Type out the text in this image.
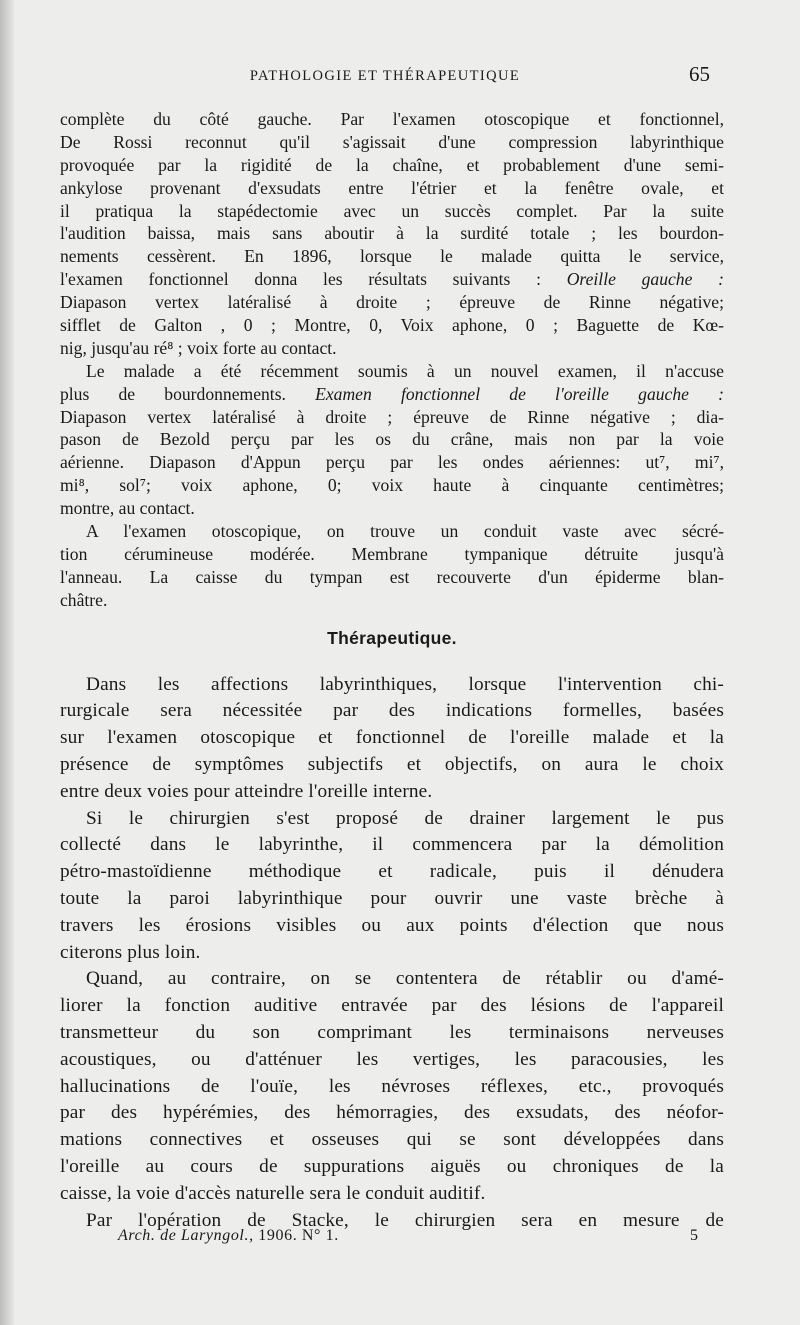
PATHOLOGIE ET THÉRAPEUTIQUE	65

complète du côté gauche. Par l'examen otoscopique et fonctionnel,

De Rossi reconnut qu'il s'agissait d'une compression labyrinthique

provoquée par la rigidité de la chaîne, et probablement d'une semi-

ankylose provenant d'exsudats entre l'étrier et la fenêtre ovale, et

il pratiqua la stapédectomie avec un succès complet. Par la suite

l'audition baissa, mais sans aboutir à la surdité totale ; les bourdon-

nements cessèrent. En 1896, lorsque le malade quitta le service,

l'examen fonctionnel donna les résultats suivants : Oreille gauche :

Diapason vertex latéralisé à droite ; épreuve de Rinne négative;

sifflet de Galton , 0 ; Montre, 0, Voix aphone, 0 ; Baguette de Kœ-

nig, jusqu'au ré⁸ ; voix forte au contact.

Le malade a été récemment soumis à un nouvel examen, il n'accuse

plus de bourdonnements. Examen fonctionnel de l'oreille gauche :

Diapason vertex latéralisé à droite ; épreuve de Rinne négative ; dia-

pason de Bezold perçu par les os du crâne, mais non par la voie

aérienne. Diapason d'Appun perçu par les ondes aériennes: ut⁷, mi⁷,

mi⁸, sol⁷; voix aphone, 0; voix haute à cinquante centimètres;

montre, au contact.

A l'examen otoscopique, on trouve un conduit vaste avec sécré-

tion cérumineuse modérée. Membrane tympanique détruite jusqu'à

l'anneau. La caisse du tympan est recouverte d'un épiderme blan-

châtre.

Thérapeutique.

Dans les affections labyrinthiques, lorsque l'intervention chi-

rurgicale sera nécessitée par des indications formelles, basées

sur l'examen otoscopique et fonctionnel de l'oreille malade et la

présence de symptômes subjectifs et objectifs, on aura le choix

entre deux voies pour atteindre l'oreille interne.

Si le chirurgien s'est proposé de drainer largement le pus

collecté dans le labyrinthe, il commencera par la démolition

pétro-mastoïdienne méthodique et radicale, puis il dénudera

toute la paroi labyrinthique pour ouvrir une vaste brèche à

travers les érosions visibles ou aux points d'élection que nous

citerons plus loin.

Quand, au contraire, on se contentera de rétablir ou d'amé-

liorer la fonction auditive entravée par des lésions de l'appareil

transmetteur du son comprimant les terminaisons nerveuses

acoustiques, ou d'atténuer les vertiges, les paracousies, les

hallucinations de l'ouïe, les névroses réflexes, etc., provoqués

par des hypérémies, des hémorragies, des exsudats, des néofor-

mations connectives et osseuses qui se sont développées dans

l'oreille au cours de suppurations aiguës ou chroniques de la

caisse, la voie d'accès naturelle sera le conduit auditif.

Par l'opération de Stacke, le chirurgien sera en mesure de

Arch. de Laryngol., 1906. N° 1.	5
